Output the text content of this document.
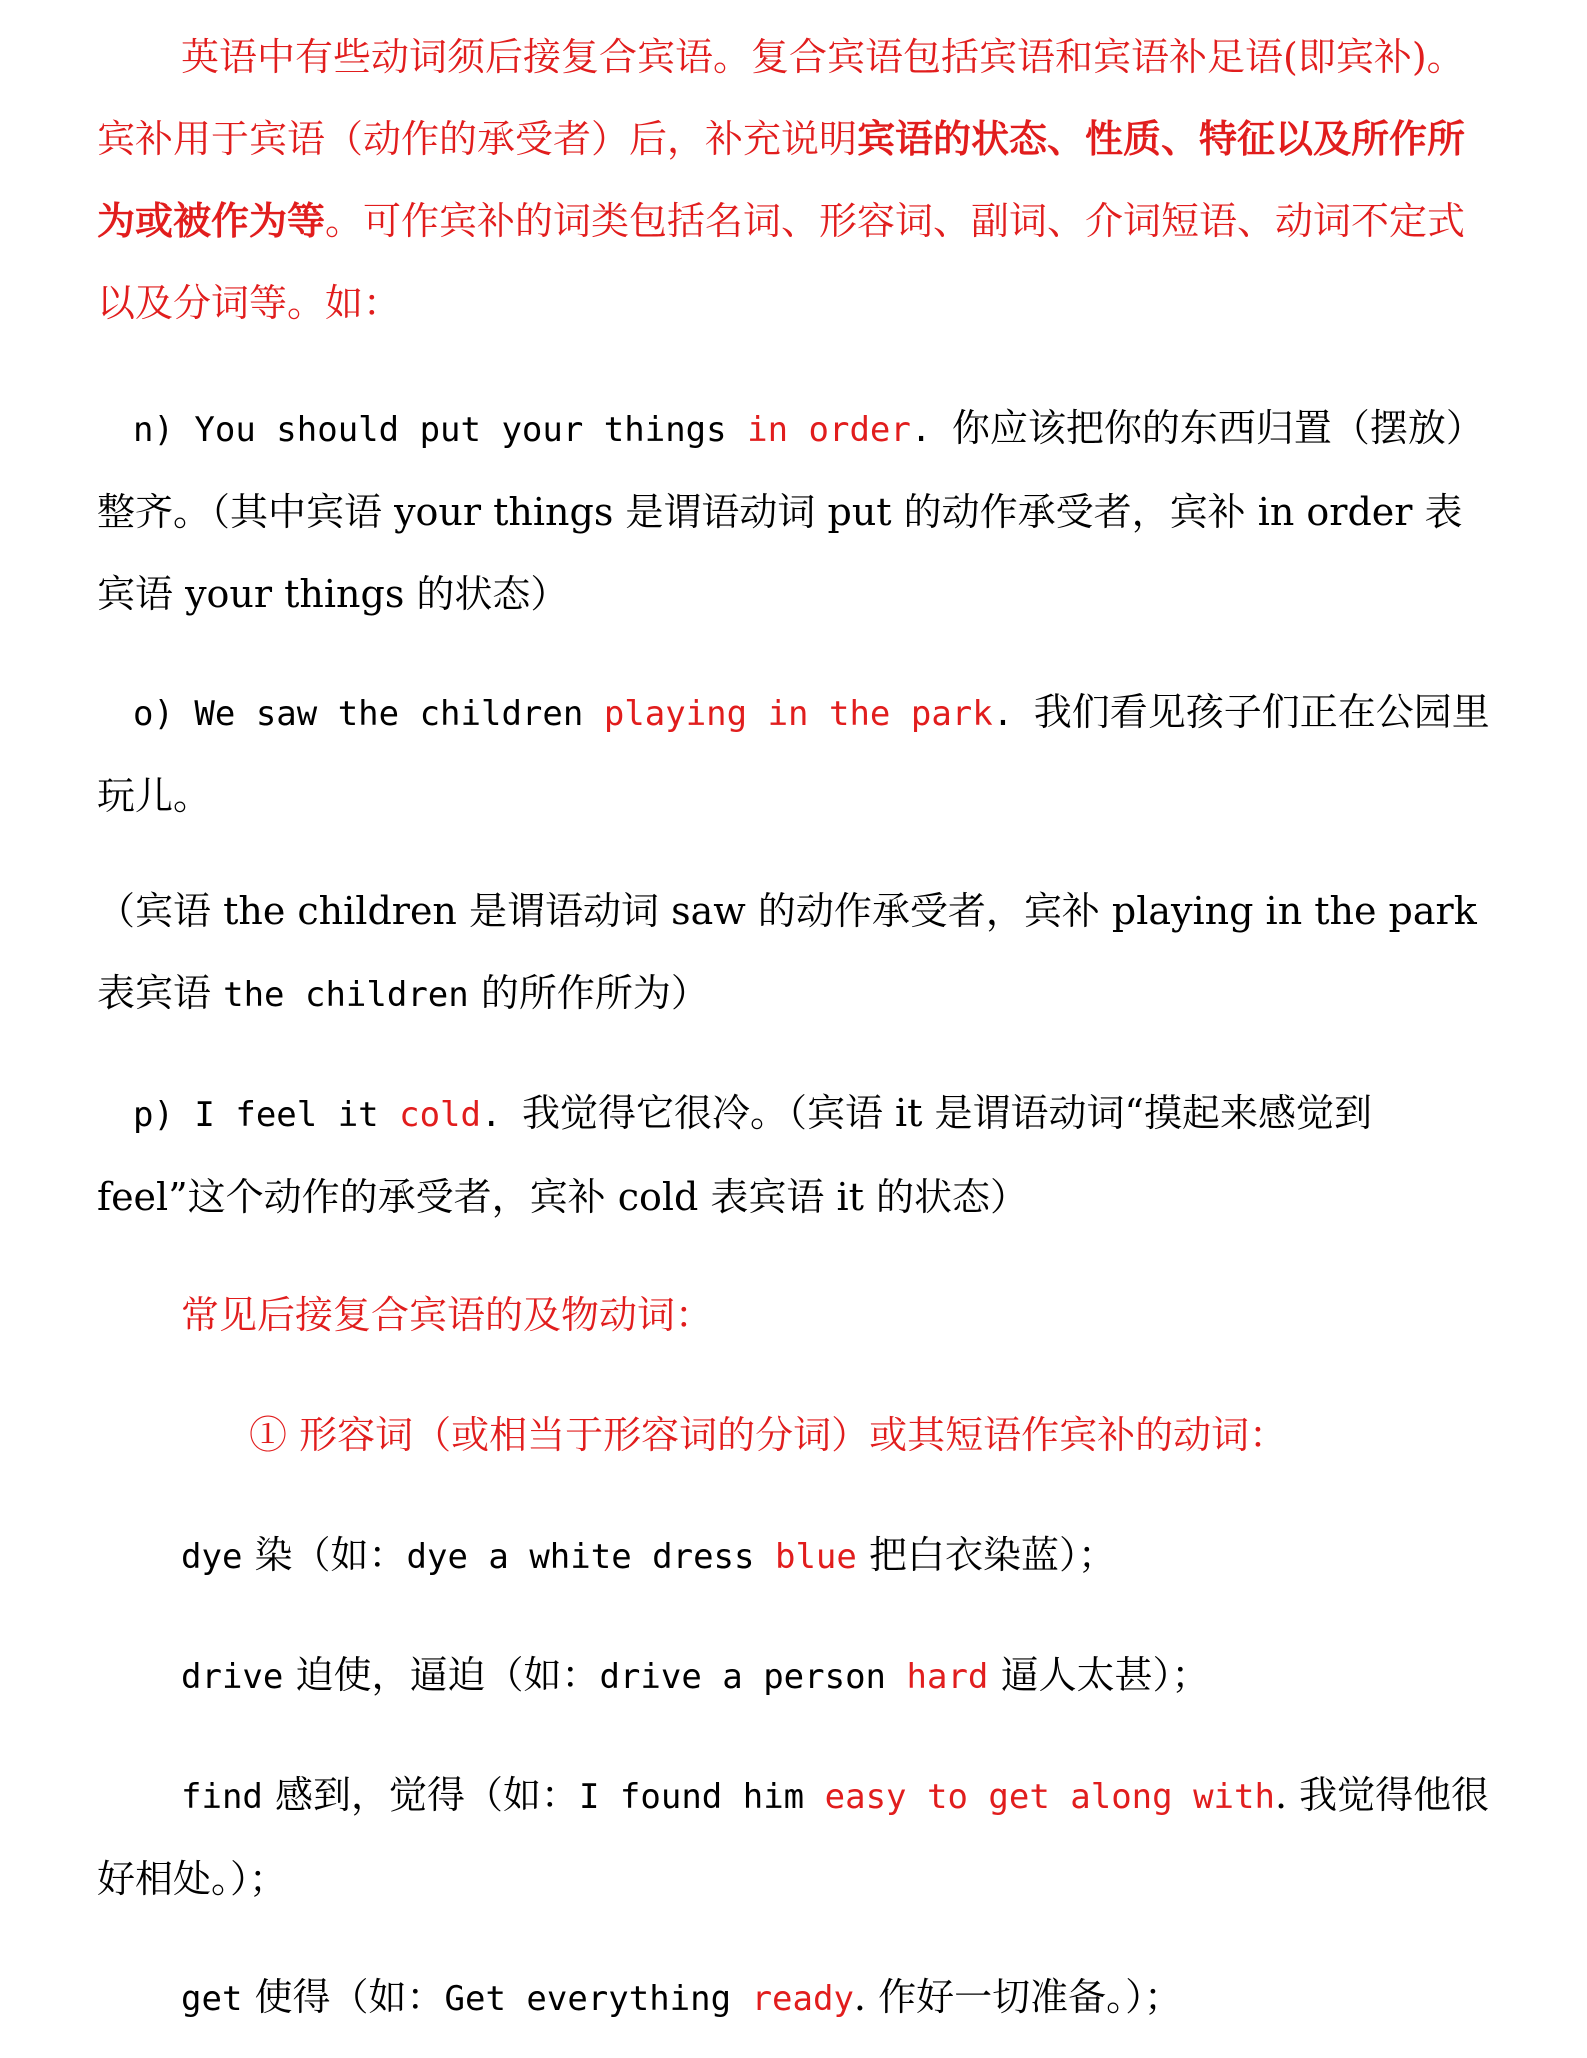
英语中有些动词须后接复合宾语。复合宾语包括宾语和宾语补足语(即宾补)。宾补用于宾语（动作的承受者）后，补充说明宾语的状态、性质、特征以及所作所为或被作为等。可作宾补的词类包括名词、形容词、副词、介词短语、动词不定式以及分词等。如：

n) You should put your things in order. 你应该把你的东西归置（摆放）整齐。（其中宾语 your things 是谓语动词 put 的动作承受者，宾补 in order 表宾语 your things 的状态）

o) We saw the children playing in the park. 我们看见孩子们正在公园里玩儿。

（宾语 the children 是谓语动词 saw 的动作承受者，宾补 playing in the park 表宾语 the children 的所作所为）

p) I feel it cold. 我觉得它很冷。（宾语 it 是谓语动词“摸起来感觉到 feel”这个动作的承受者，宾补 cold 表宾语 it 的状态）

常见后接复合宾语的及物动词：

① 形容词（或相当于形容词的分词）或其短语作宾补的动词：

dye 染（如：dye a white dress blue 把白衣染蓝）；

drive 迫使，逼迫（如：drive a person hard 逼人太甚）；

find 感到，觉得（如：I found him easy to get along with. 我觉得他很好相处。）；

get 使得（如：Get everything ready. 作好一切准备。）；
